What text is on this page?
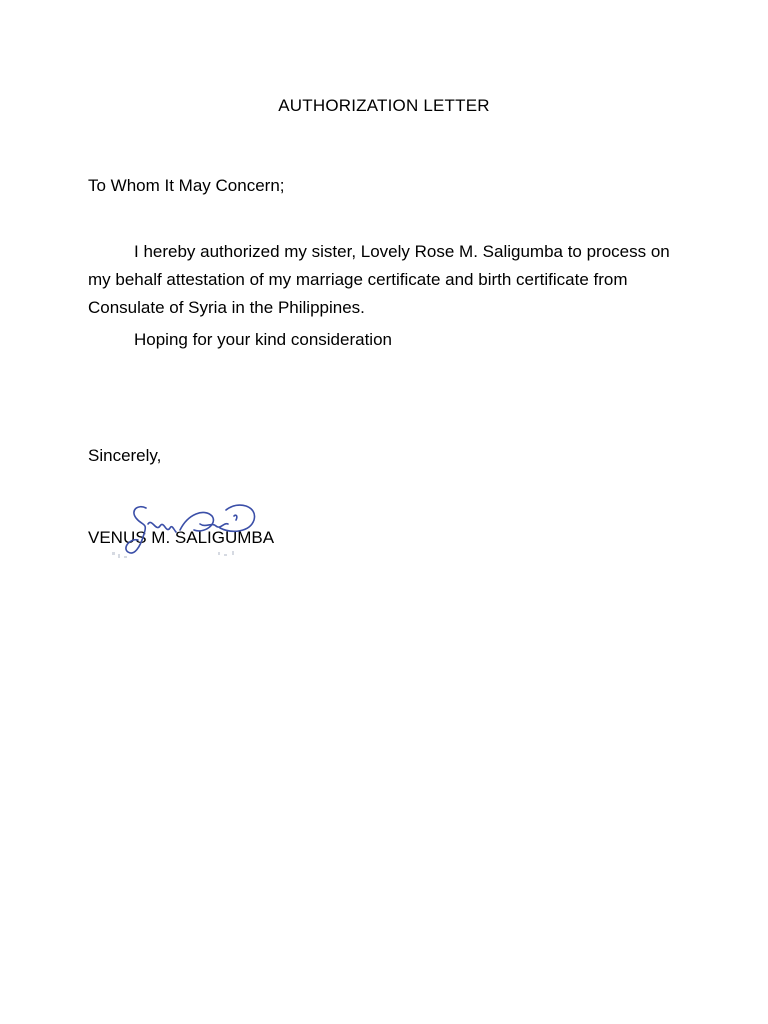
AUTHORIZATION LETTER
To Whom It May Concern;

I hereby authorized my sister, Lovely Rose M. Saligumba to process on my behalf attestation of my marriage certificate and birth certificate from Consulate of Syria in the Philippines.

Hoping for your kind consideration
Sincerely,
VENUS M. SALIGUMBA
